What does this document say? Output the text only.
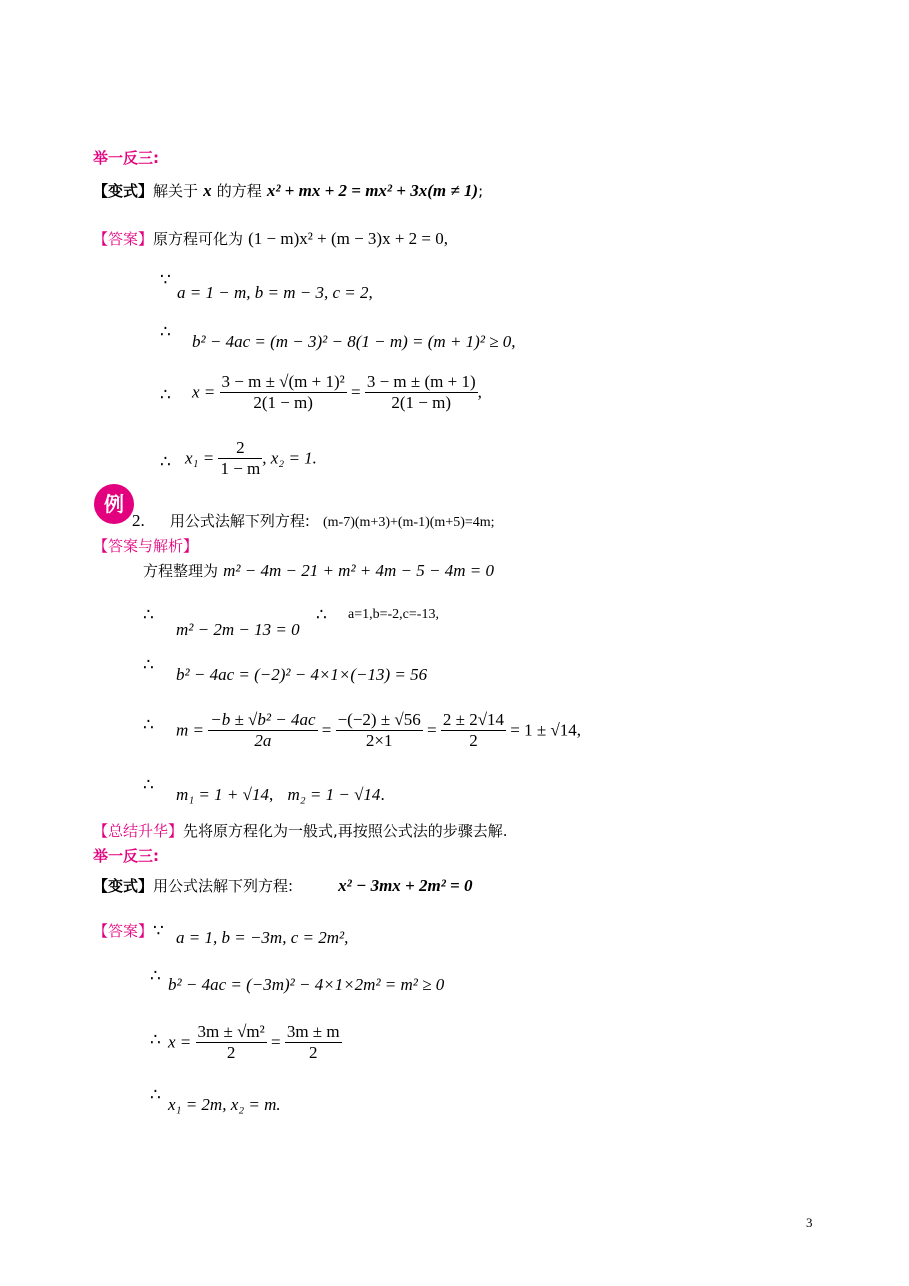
举一反三:
【变式】解关于 x 的方程 x² + mx + 2 = mx² + 3x(m ≠ 1);
【答案】原方程可化为 (1 − m)x² + (m − 3)x + 2 = 0,
∵
a = 1 − m, b = m − 3, c = 2,
∴ b² − 4ac = (m − 3)² − 8(1 − m) = (m + 1)² ≥ 0,
∴ $x = \frac{\text{3 − m ± √(m + 1)²}}{2(1 - m)} = \frac{3 - m \pm (m + 1)}{2(1 - m)}$ ,
∴ $x_1 = \frac{2}{1 - m}$ , x₂ = 1.
例
2. 用公式法解下列方程: (m-7)(m+3)+(m-1)(m+5)=4m;
【答案与解析】
方程整理为 m² − 4m − 21 + m² + 4m − 5 − 4m = 0
∴
m² − 2m − 13 = 0
∴ a=1,b=-2,c=-13,
∴ b² − 4ac = (−2)² − 4×1×(−13) = 56
∴ $m = \frac{\text{−b ± √b² − 4ac}}{2a} = \frac{-(-2) \pm √56}{2\times 1} = \frac{2 \pm 2√14}{2} = 1 \pm √14$,
∴ m₁ = 1 + √14, m₂ = 1 − √14.
【总结升华】先将原方程化为一般式,再按照公式法的步骤去解.
举一反三:
【变式】用公式法解下列方程:	x² − 3mx + 2m² = 0
【答案】∵ a = 1, b = −3m, c = 2m²,
∴ b² − 4ac = (−3m)² − 4×1×2m² = m² ≥ 0
∴ $x = \frac{\text{3m ± √m²}}{2} = \frac{3m \pm m}{2}$
∴ x₁ = 2m, x₂ = m.
3
